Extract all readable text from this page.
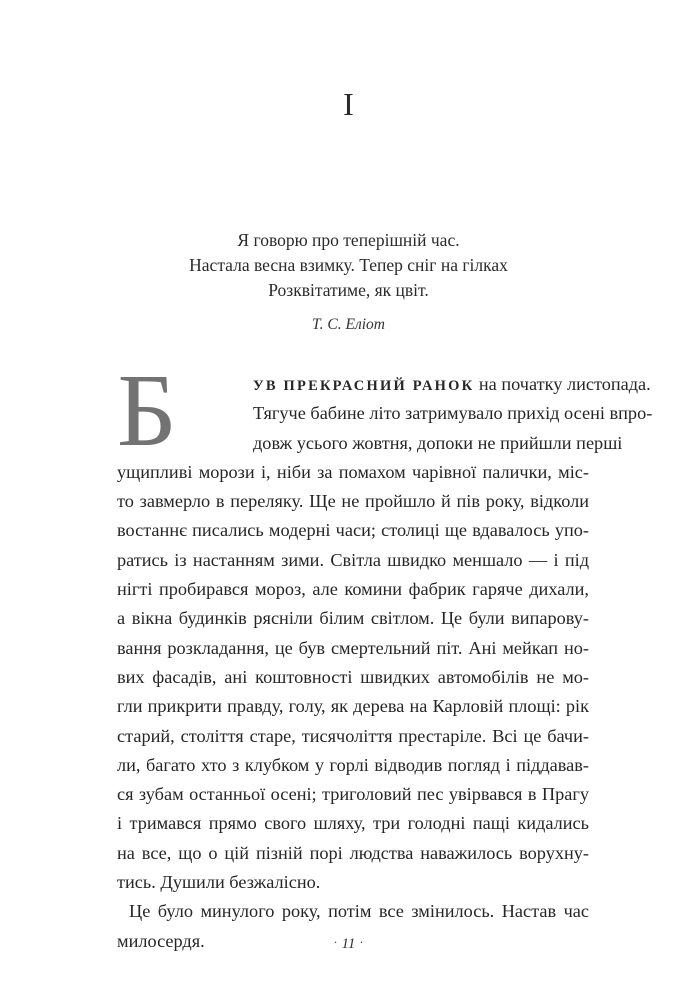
I
Я говорю про теперішній час.
Настала весна взимку. Тепер сніг на гілках
Розквітатиме, як цвіт.
Т. С. Еліот
Б	УВ ПРЕКРАСНИЙ РАНОК на початку листопада.
Тягуче бабине літо затримувало прихід осені впро-
довж усього жовтня, допоки не прийшли перші
ущипливі морози і, ніби за помахом чарівної палички, міс-
то завмерло в переляку. Ще не пройшло й пів року, відколи
востаннє писались модерні часи; столиці ще вдавалось упо-
ратись із настанням зими. Світла швидко меншало — і під
нігті пробирався мороз, але комини фабрик гаряче дихали,
а вікна будинків рясніли білим світлом. Це були випарову-
вання розкладання, це був смертельний піт. Ані мейкап но-
вих фасадів, ані коштовності швидких автомобілів не мо-
гли прикрити правду, голу, як дерева на Карловій площі: рік
старий, століття старе, тисячоліття престаріле. Всі це бачи-
ли, багато хто з клубком у горлі відводив погляд і піддавав-
ся зубам останньої осені; триголовий пес увірвався в Прагу
і тримався прямо свого шляху, три голодні пащі кидались
на все, що о цій пізній порі людства наважилось ворухну-
тись. Душили безжалісно.
Це було минулого року, потім все змінилось. Настав час
милосердя.	· 11 ·
